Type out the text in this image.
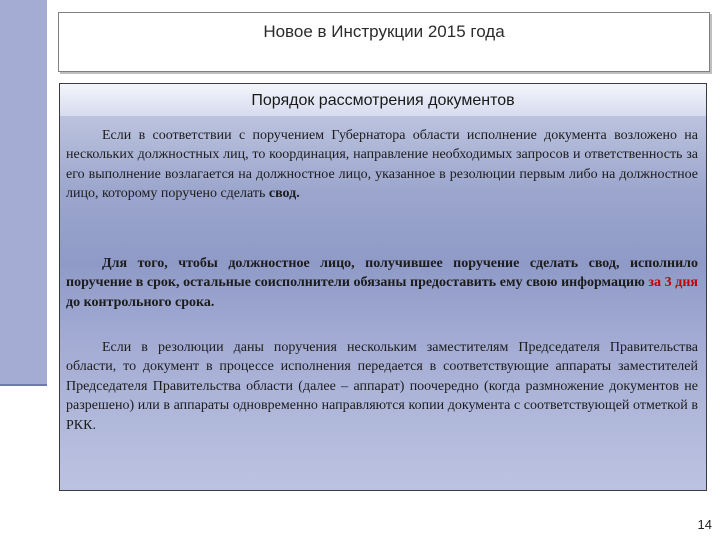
Новое в Инструкции 2015 года
Порядок рассмотрения документов

Если в соответствии с поручением Губернатора области исполнение документа возложено на нескольких должностных лиц, то координация, направление необходимых запросов и ответственность за его выполнение возлагается на должностное лицо, указанное в резолюции первым либо на должностное лицо, которому поручено сделать свод.

Для того, чтобы должностное лицо, получившее поручение сделать свод, исполнило поручение в срок, остальные соисполнители обязаны предоставить ему свою информацию за 3 дня до контрольного срока.

Если в резолюции даны поручения нескольким заместителям Председателя Правительства области, то документ в процессе исполнения передается в соответствующие аппараты заместителей Председателя Правительства области (далее – аппарат) поочередно (когда размножение документов не разрешено) или в аппараты одновременно направляются копии документа с соответствующей отметкой в РКК.

14
